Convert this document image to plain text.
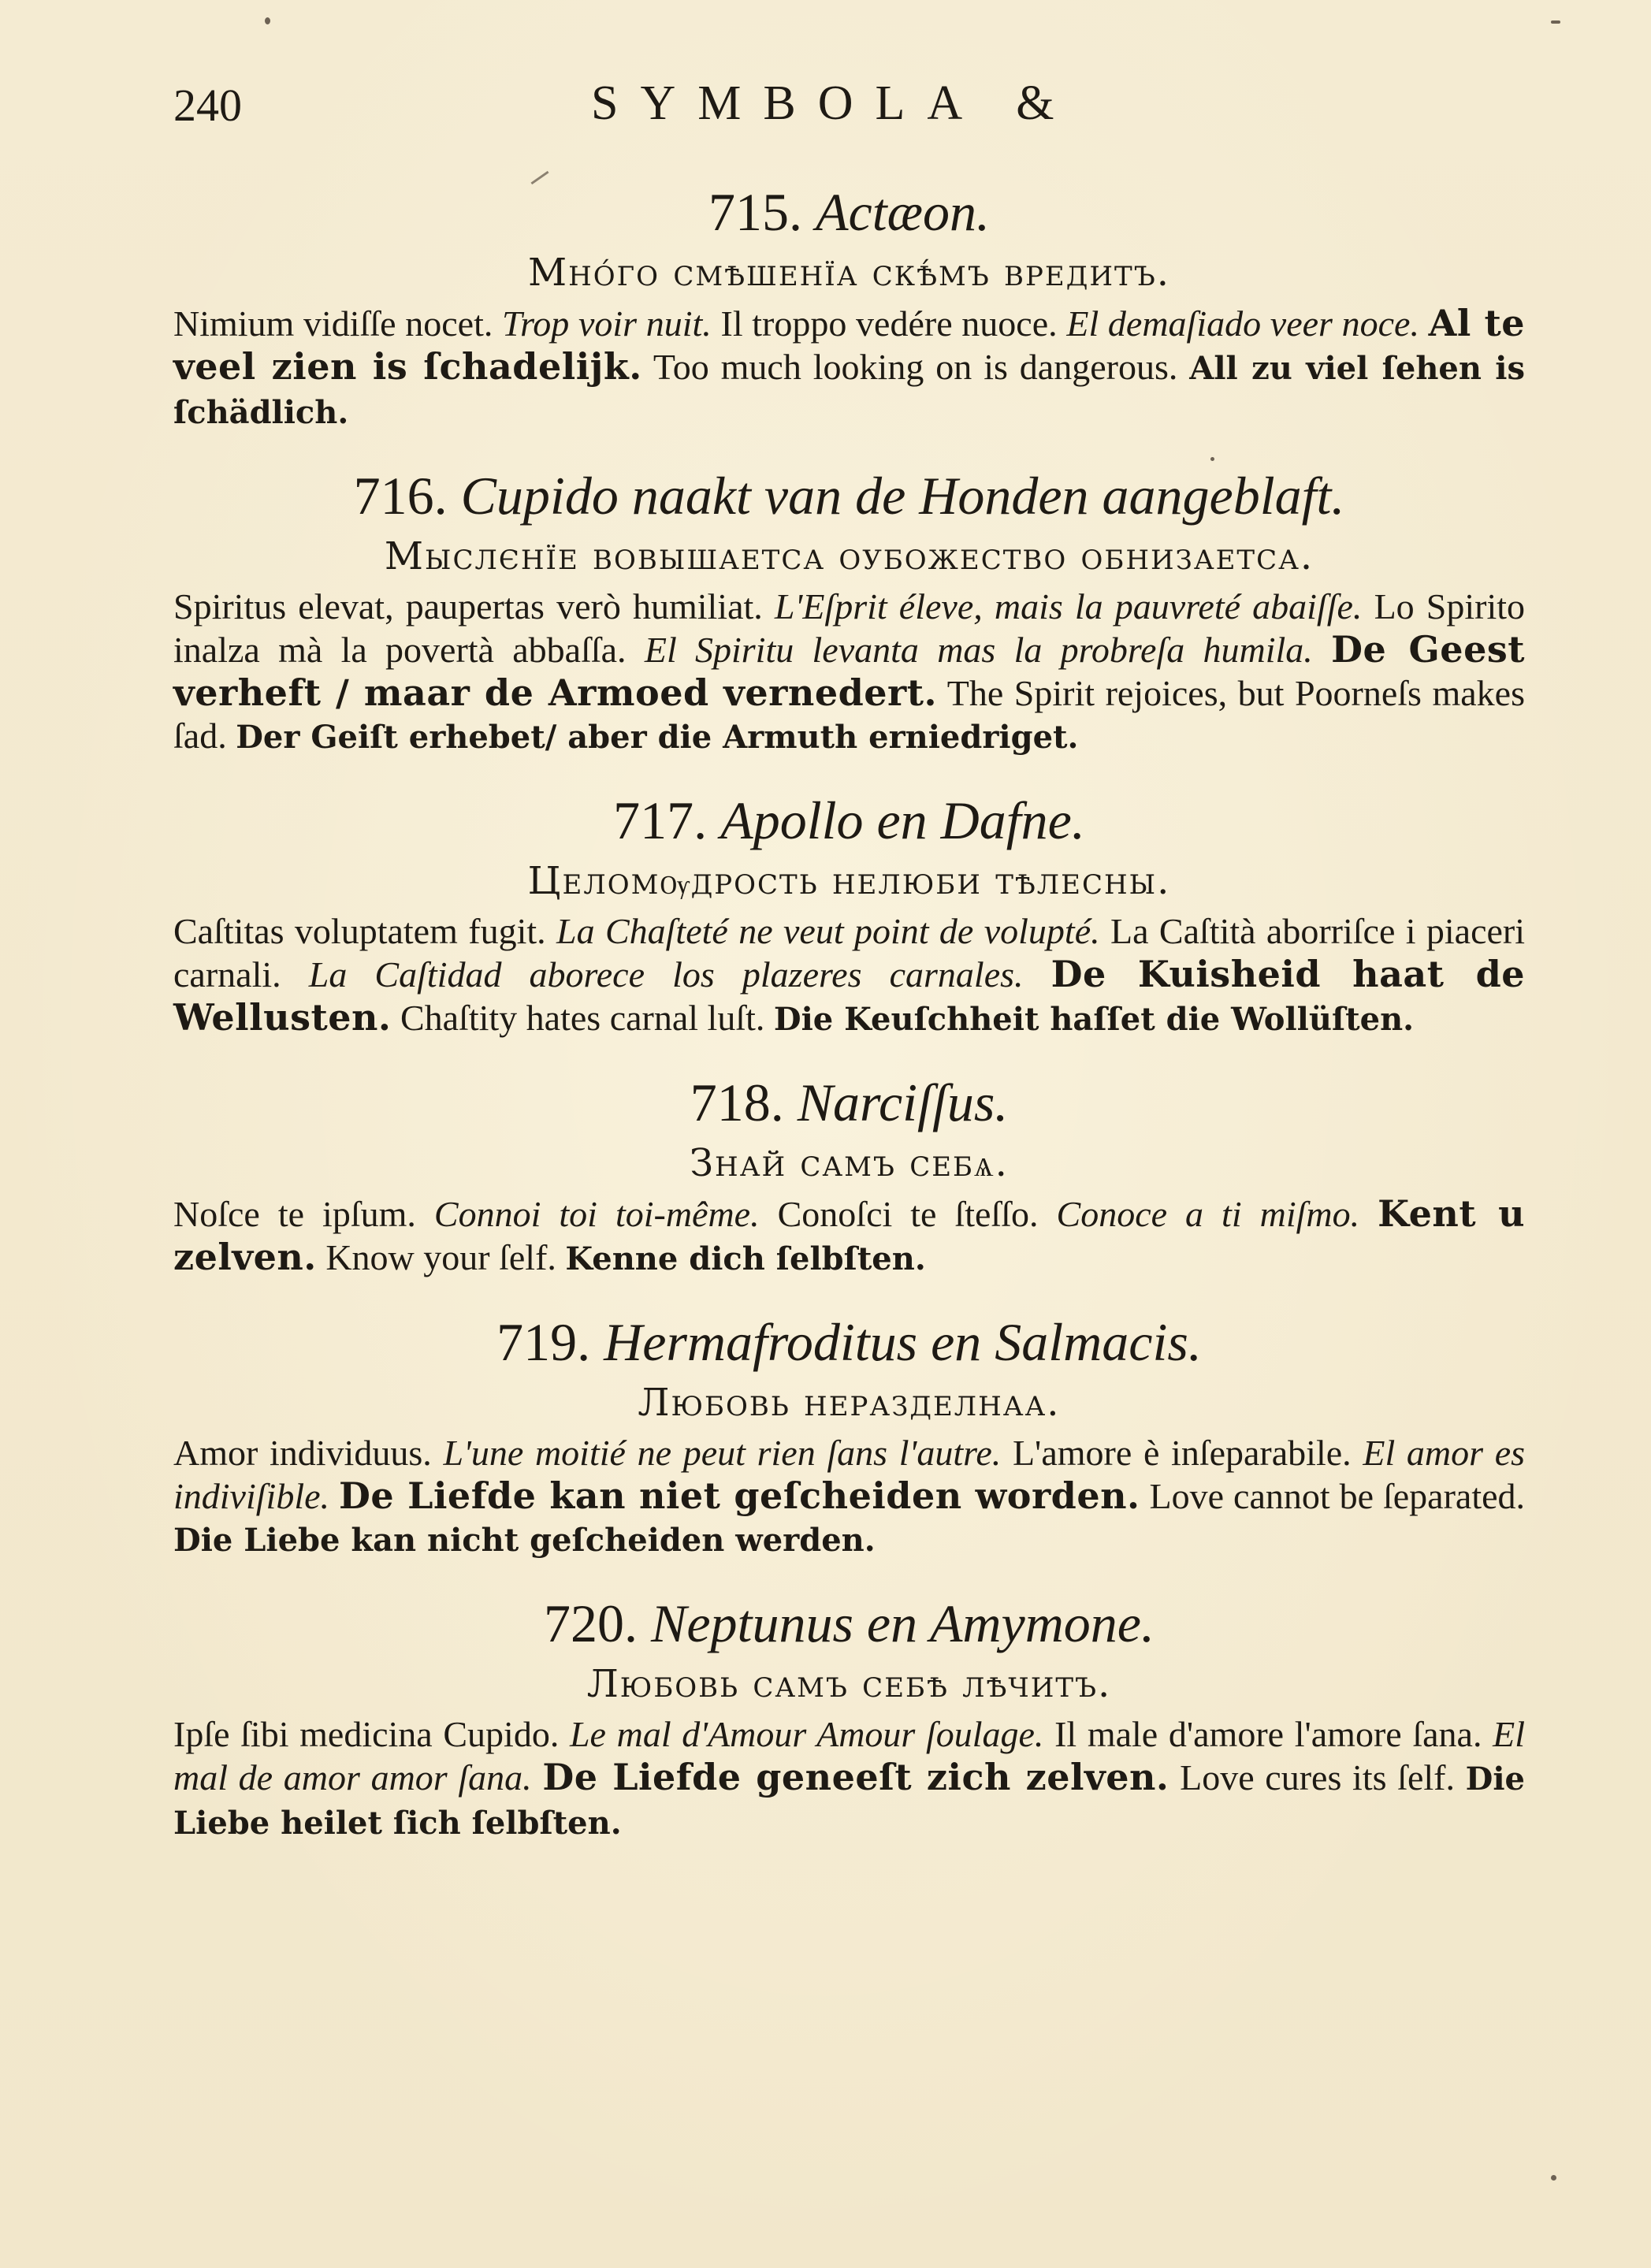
240	SYMBOLA &
715. Actæon.
Мно́го смѣшенїа скѣ́мъ вредитъ.
Nimium vidiſſe nocet. Trop voir nuit. Il troppo vedére nuoce. El demaſiado veer noce. Al te veel zien is ſchadelijk. Too much looking on is dangerous. All zu viel ſehen is ſchädlich.
716. Cupido naakt van de Honden aangeblaft.
Мыслєнїе вовышаетса оубожество обнизаетса.
Spiritus elevat, paupertas verò humiliat. L'Eſprit éleve, mais la pauvreté abaiſſe. Lo Spirito inalza mà la povertà abbaſſa. El Spiritu levanta mas la probreſa humila. De Geest verheft / maar de Armoed vernedert. The Spirit rejoices, but Poorneſs makes ſad. Der Geiſt erhebet/ aber die Armuth erniedriget.
717. Apollo en Dafne.
Целомѹдрость нелюби тѣлесны.
Caſtitas voluptatem fugit. La Chaſteté ne veut point de volupté. La Caſtità aborriſce i piaceri carnali. La Caſtidad aborece los plazeres carnales. De Kuisheid haat de Wellusten. Chaſtity hates carnal luſt. Die Keuſchheit haſſet die Wollüſten.
718. Narciſſus.
Знай самъ себѧ.
Noſce te ipſum. Connoi toi toi-même. Conoſci te ſteſſo. Conoce a ti miſmo. Kent u zelven. Know your ſelf. Kenne dich ſelbſten.
719. Hermafroditus en Salmacis.
Любовь неразделнаа.
Amor individuus. L'une moitié ne peut rien ſans l'autre. L'amore è inſeparabile. El amor es indiviſible. De Liefde kan niet geſcheiden worden. Love cannot be ſeparated. Die Liebe kan nicht geſcheiden werden.
720. Neptunus en Amymone.
Любовь самъ себѣ лѣчитъ.
Ipſe ſibi medicina Cupido. Le mal d'Amour Amour ſoulage. Il male d'amore l'amore ſana. El mal de amor amor ſana. De Liefde geneeſt zich zelven. Love cures its ſelf. Die Liebe heilet ſich ſelbſten.
